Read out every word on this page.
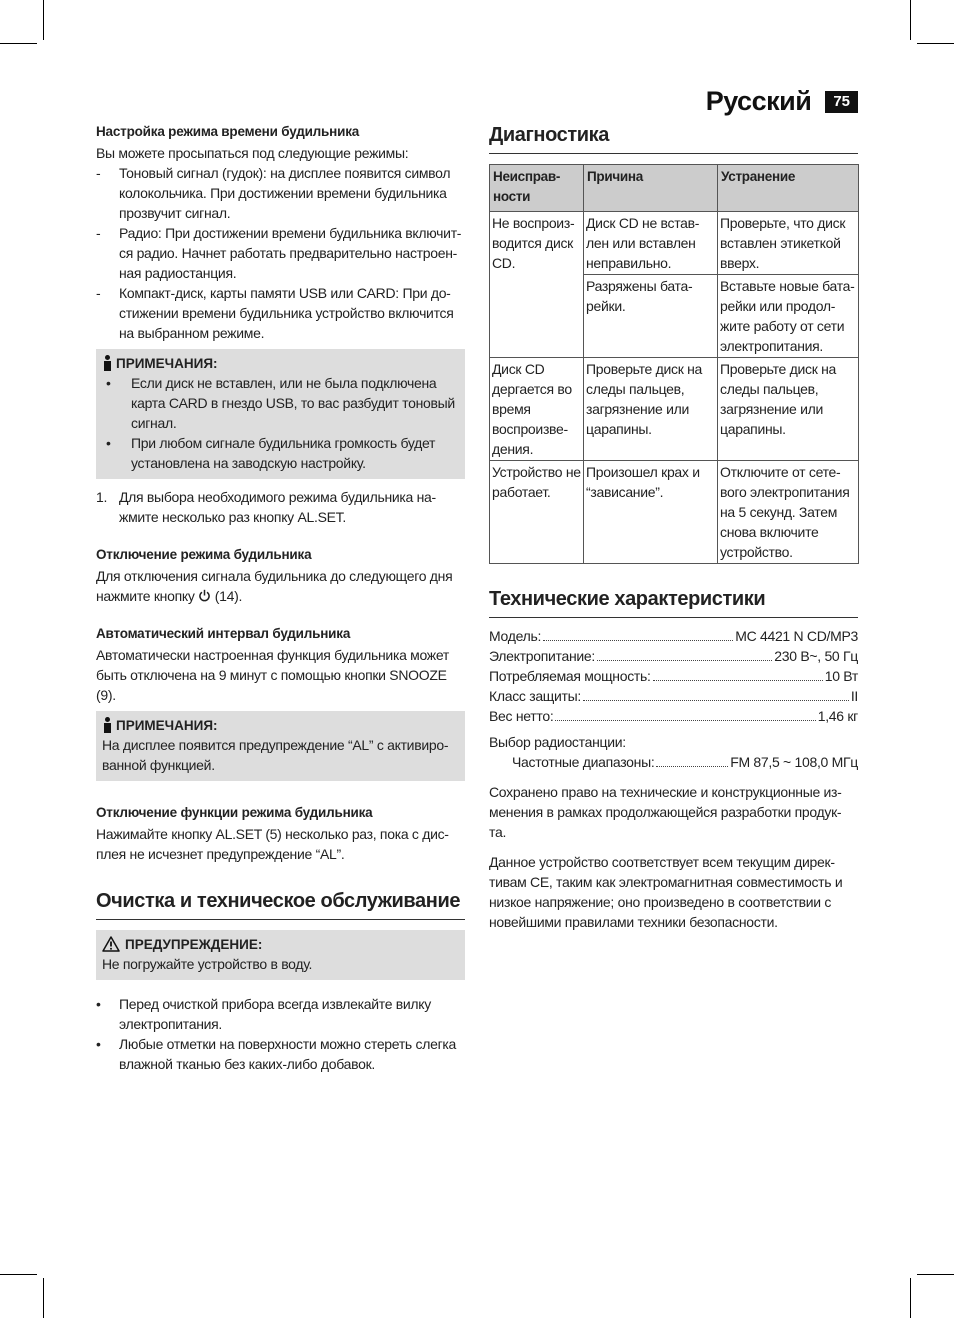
Русский	75
Настройка режима времени будильника

Вы можете просыпаться под следующие режимы:

- Тоновый сигнал (гудок): на дисплее появится символ колокольчика. При достижении времени будильника прозвучит сигнал.
- Радио: При достижении времени будильника включит-ся радио. Начнет работать предварительно настроен-ная радиостанция.
- Компакт-диск, карты памяти USB или CARD: При до-стижении времени будильника устройство включится на выбранном режиме.
ПРИМЕЧАНИЯ:
• Если диск не вставлен, или не была подключена карта CARD в гнездо USB, то вас разбудит тоновый сигнал.
• При любом сигнале будильника громкость будет установлена на заводскую настройку.
1. Для выбора необходимого режима будильника на-жмите несколько раз кнопку AL.SET.
Отключение режима будильника

Для отключения сигнала будильника до следующего дня нажмите кнопку (14).

Автоматический интервал будильника

Автоматически настроенная функция будильника может быть отключена на 9 минут с помощью кнопки SNOOZE (9).

ПРИМЕЧАНИЯ:

На дисплее появится предупреждение “AL” с активиро-ванной функцией.

Отключение функции режима будильника

Нажимайте кнопку AL.SET (5) несколько раз, пока с дис-плея не исчезнет предупреждение “AL”.

Очистка и техническое обслуживание
ПРЕДУПРЕЖДЕНИЕ:

Не погружайте устройство в воду.

• Перед очисткой прибора всегда извлекайте вилку электропитания.
• Любые отметки на поверхности можно стереть слегка влажной тканью без каких-либо добавок.
Диагностика
Неисправ-ности	Причина	Устранение
Не воспроиз-водится диск CD.	Диск CD не встав-лен или вставлен неправильно.	Проверьте, что диск вставлен этикеткой вверх.
	Разряжены бата-рейки.	Вставьте новые бата-рейки или продол-жите работу от сети электропитания.
Диск CD дергается во время воспроизве-дения.	Проверьте диск на следы пальцев, загрязнение или царапины.	Проверьте диск на следы пальцев, загрязнение или царапины.
Устройство не работает.	Произошел крах и “зависание”.	Отключите от сете-вого электропитания на 5 секунд. Затем снова включите устройство.
Технические характеристики
Модель:	MC 4421 N CD/MP3
Электропитание:	230 В~, 50 Гц
Потребляемая мощность:	10 Вт
Класс защиты:	II
Вес нетто:	1,46 кг

Выбор радиостанции:

Частотные диапазоны:	FM 87,5 ~ 108,0 МГц

Сохранено право на технические и конструкционные из-менения в рамках продолжающейся разработки продук-та.

Данное устройство соответствует всем текущим дирек-тивам CE, таким как электромагнитная совместимость и низкое напряжение; оно произведено в соответствии с новейшими правилами техники безопасности.
